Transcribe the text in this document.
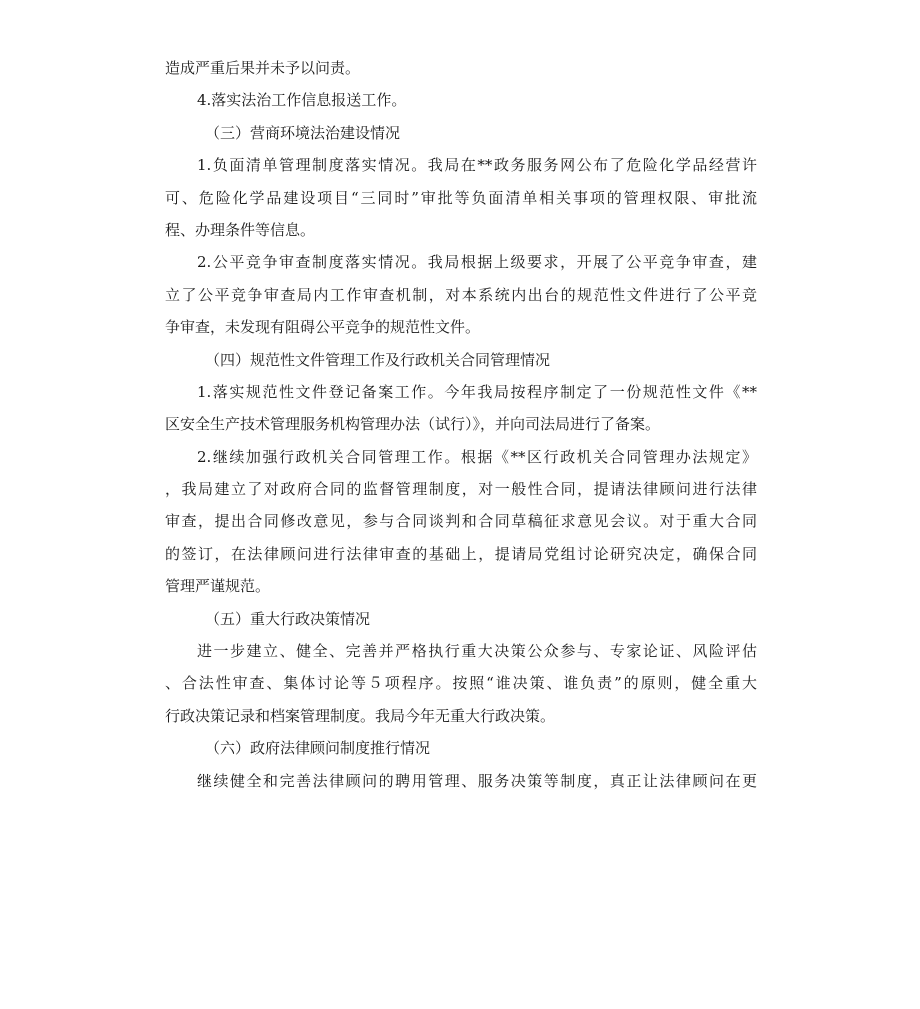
造成严重后果并未予以问责。
4.落实法治工作信息报送工作。
（三）营商环境法治建设情况
1.负面清单管理制度落实情况。我局在**政务服务网公布了危险化学品经营许
可、危险化学品建设项目“三同时”审批等负面清单相关事项的管理权限、审批流
程、办理条件等信息。
2.公平竞争审查制度落实情况。我局根据上级要求，开展了公平竞争审查，建
立了公平竞争审查局内工作审查机制，对本系统内出台的规范性文件进行了公平竞
争审查，未发现有阻碍公平竞争的规范性文件。
（四）规范性文件管理工作及行政机关合同管理情况
1.落实规范性文件登记备案工作。今年我局按程序制定了一份规范性文件《**
区安全生产技术管理服务机构管理办法（试行）》，并向司法局进行了备案。
2.继续加强行政机关合同管理工作。根据《**区行政机关合同管理办法规定》
，我局建立了对政府合同的监督管理制度，对一般性合同，提请法律顾问进行法律
审查，提出合同修改意见，参与合同谈判和合同草稿征求意见会议。对于重大合同
的签订，在法律顾问进行法律审查的基础上，提请局党组讨论研究决定，确保合同
管理严谨规范。
（五）重大行政决策情况
进一步建立、健全、完善并严格执行重大决策公众参与、专家论证、风险评估
、合法性审查、集体讨论等５项程序。按照“谁决策、谁负责”的原则，健全重大
行政决策记录和档案管理制度。我局今年无重大行政决策。
（六）政府法律顾问制度推行情况
继续健全和完善法律顾问的聘用管理、服务决策等制度，真正让法律顾问在更
